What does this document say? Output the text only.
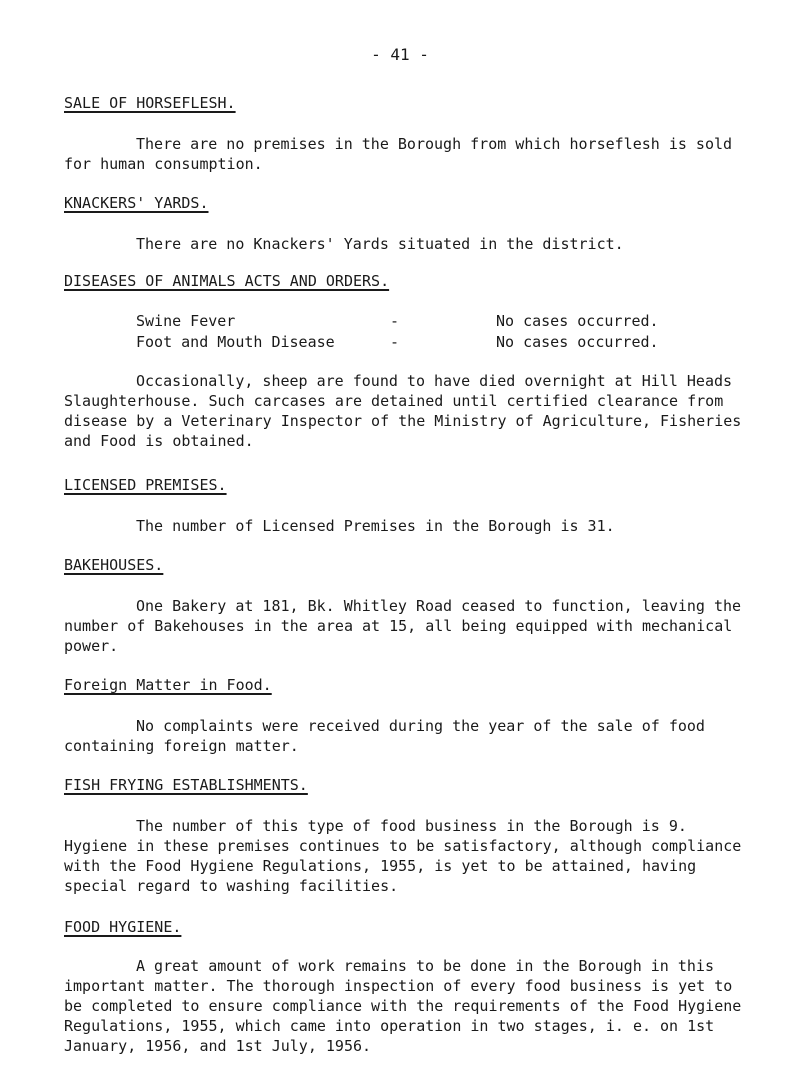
- 41 -
SALE OF HORSEFLESH.

There are no premises in the Borough from which horseflesh is sold for human consumption.

KNACKERS' YARDS.

There are no Knackers' Yards situated in the district.

DISEASES OF ANIMALS ACTS AND ORDERS.
Swine Fever	-	No cases occurred.
Foot and Mouth Disease	-	No cases occurred.

Occasionally, sheep are found to have died overnight at Hill Heads Slaughterhouse. Such carcases are detained until certified clearance from disease by a Veterinary Inspector of the Ministry of Agriculture, Fisheries and Food is obtained.

LICENSED PREMISES.

The number of Licensed Premises in the Borough is 31.

BAKEHOUSES.

One Bakery at 181, Bk. Whitley Road ceased to function, leaving the number of Bakehouses in the area at 15, all being equipped with mechanical power.

Foreign Matter in Food.

No complaints were received during the year of the sale of food containing foreign matter.

FISH FRYING ESTABLISHMENTS.

The number of this type of food business in the Borough is 9. Hygiene in these premises continues to be satisfactory, although compliance with the Food Hygiene Regulations, 1955, is yet to be attained, having special regard to washing facilities.

FOOD HYGIENE.

A great amount of work remains to be done in the Borough in this important matter. The thorough inspection of every food business is yet to be completed to ensure compliance with the requirements of the Food Hygiene Regulations, 1955, which came into operation in two stages, i. e. on 1st January, 1956, and 1st July, 1956.
